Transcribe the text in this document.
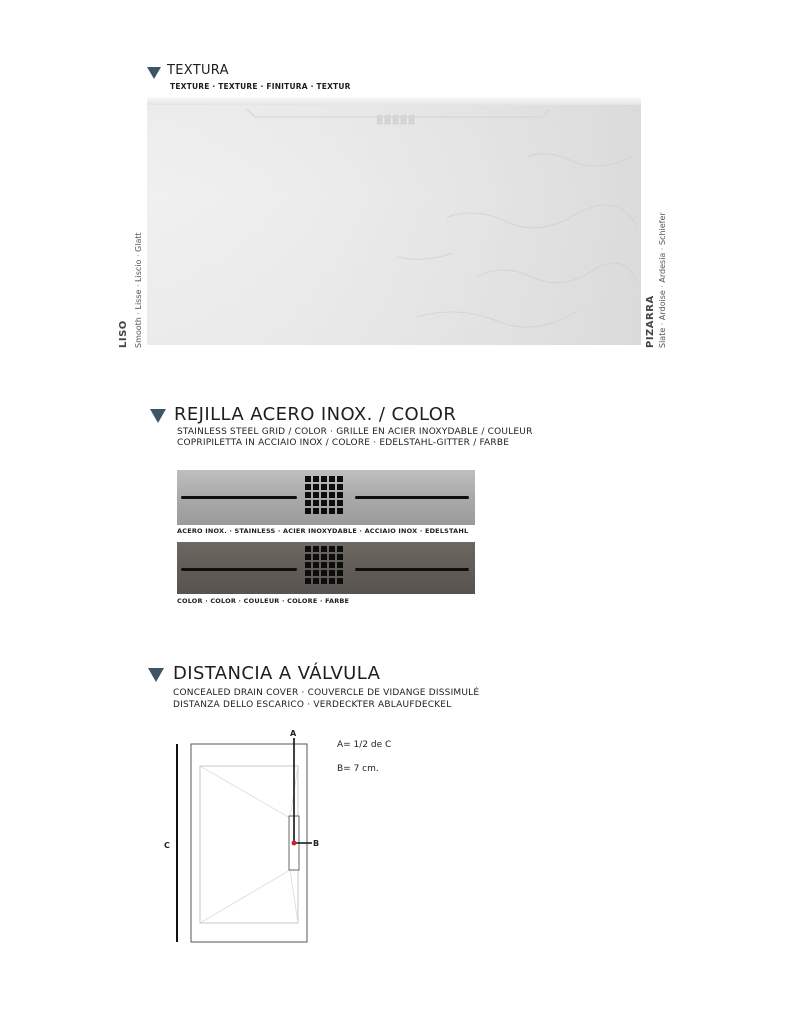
TEXTURA
TEXTURE · TEXTURE · FINITURA · TEXTUR
LISO Smooth · Lisse · Liscio · Glatt	PIZARRA Slate · Ardoise · Ardesia · Schiefer
REJILLA ACERO INOX. / COLOR
STAINLESS STEEL GRID / COLOR · GRILLE EN ACIER INOXYDABLE / COULEUR
COPRIPILETTA IN ACCIAIO INOX / COLORE · EDELSTAHL-GITTER / FARBE
ACERO INOX. · STAINLESS · ACIER INOXYDABLE · ACCIAIO INOX · EDELSTAHL
COLOR · COLOR · COULEUR · COLORE · FARBE
DISTANCIA A VÁLVULA
CONCEALED DRAIN COVER · COUVERCLE DE VIDANGE DISSIMULÉ
DISTANZA DELLO ESCARICO · VERDECKTER ABLAUFDECKEL
A
B
C
A= 1/2 de C
B= 7 cm.
